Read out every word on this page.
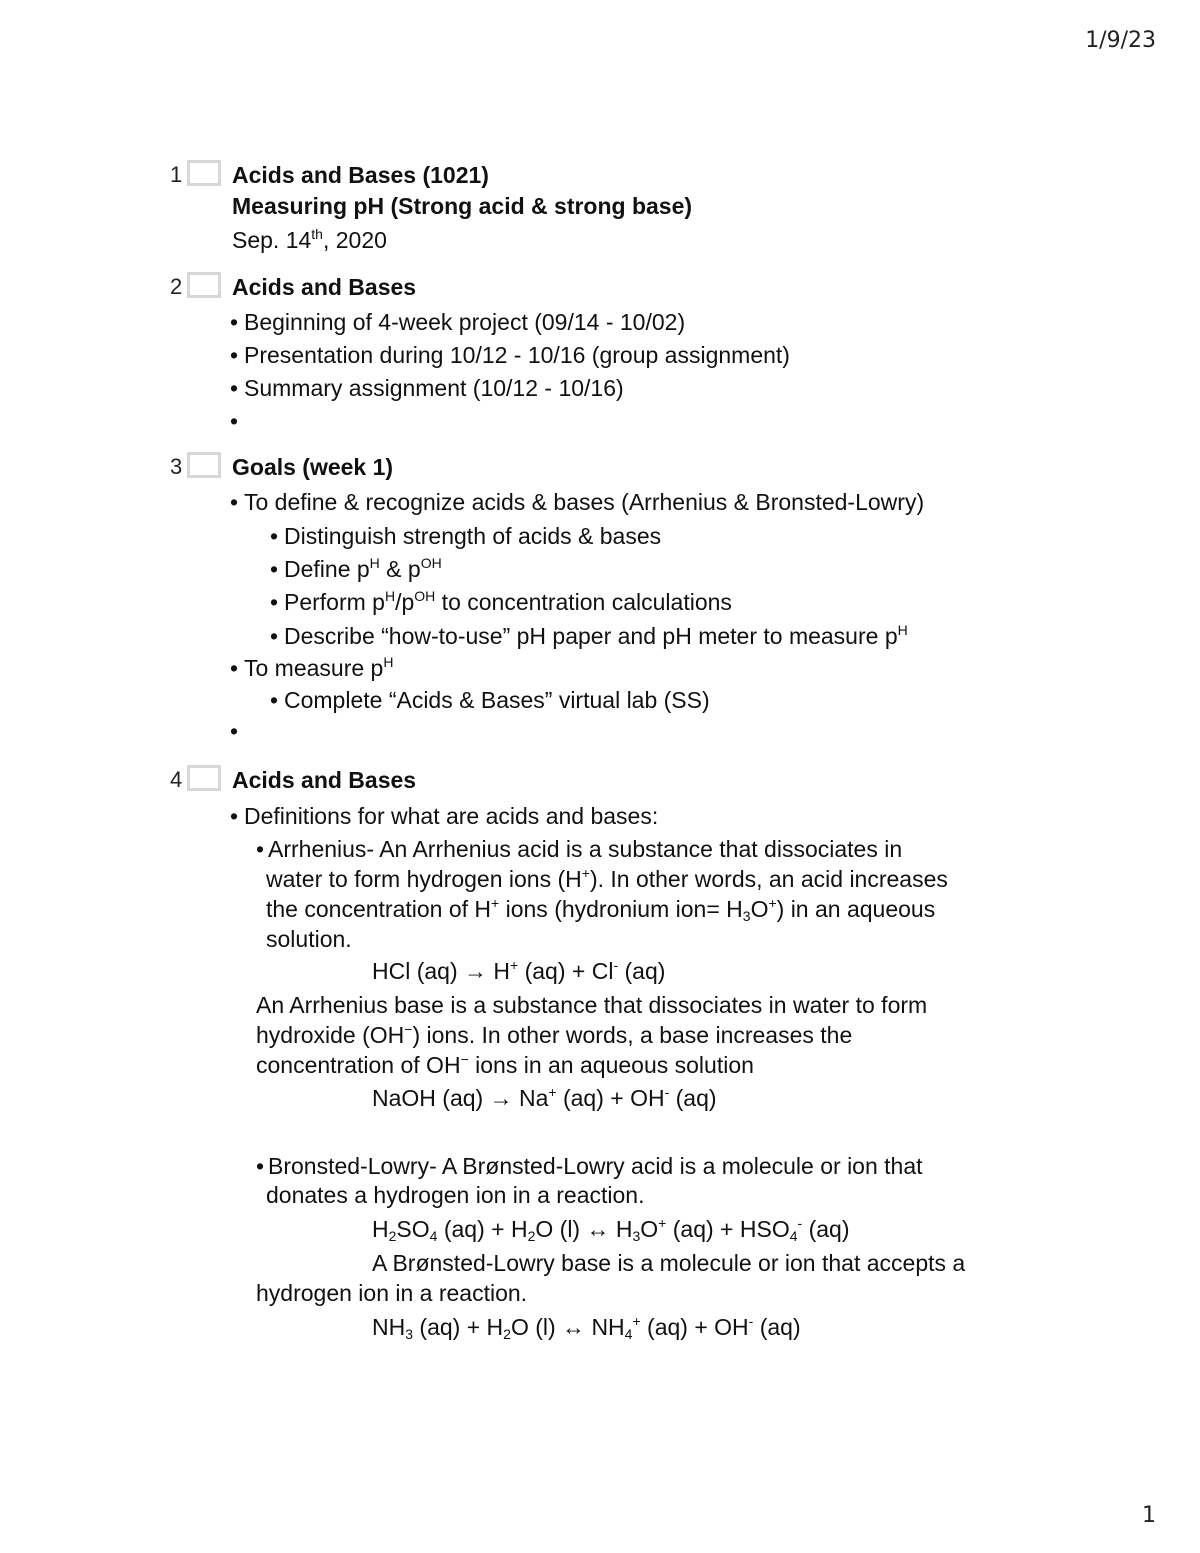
1/9/23
1 Acids and Bases (1021)
Measuring pH (Strong acid & strong base)
Sep. 14th, 2020
2 Acids and Bases
• Beginning of 4-week project (09/14 - 10/02)
• Presentation during 10/12 - 10/16 (group assignment)
• Summary assignment (10/12 - 10/16)
•
3 Goals (week 1)
• To define & recognize acids & bases (Arrhenius & Bronsted-Lowry)
• Distinguish strength of acids & bases
• Define $p^H$ & $p^{OH}$
• Perform $p^H/p^{OH}$ to concentration calculations
• Describe “how-to-use” pH paper and pH meter to measure $p^H$
• To measure $p^H$
• Complete “Acids & Bases” virtual lab (SS)
•
4 Acids and Bases
• Definitions for what are acids and bases:
• Arrhenius- An Arrhenius acid is a substance that dissociates in
water to form hydrogen ions (H+). In other words, an acid increases
the concentration of H+ ions (hydronium $ion= H_3O^+$) in an aqueous
solution.
HCl (aq) → H+ (aq) + Cl- (aq)
An Arrhenius base is a substance that dissociates in water to form
hydroxide (OH−) ions. In other words, a base increases the
concentration of OH− ions in an aqueous solution
NaOH (aq) → Na+ (aq) + OH- (aq)
• Bronsted-Lowry- A Brønsted-Lowry acid is a molecule or ion that
donates a hydrogen ion in a reaction.
$H_2SO_4$ $(aq) + H_2O$ (l) ↔ $H_3O^+$ $(aq) + HSO_4^-$ (aq)
A Brønsted-Lowry base is a molecule or ion that accepts a
hydrogen ion in a reaction.
$NH_3$ $(aq) + H_2O$ (l) ↔ $NH_4^+$ (aq) + OH- (aq)
1
